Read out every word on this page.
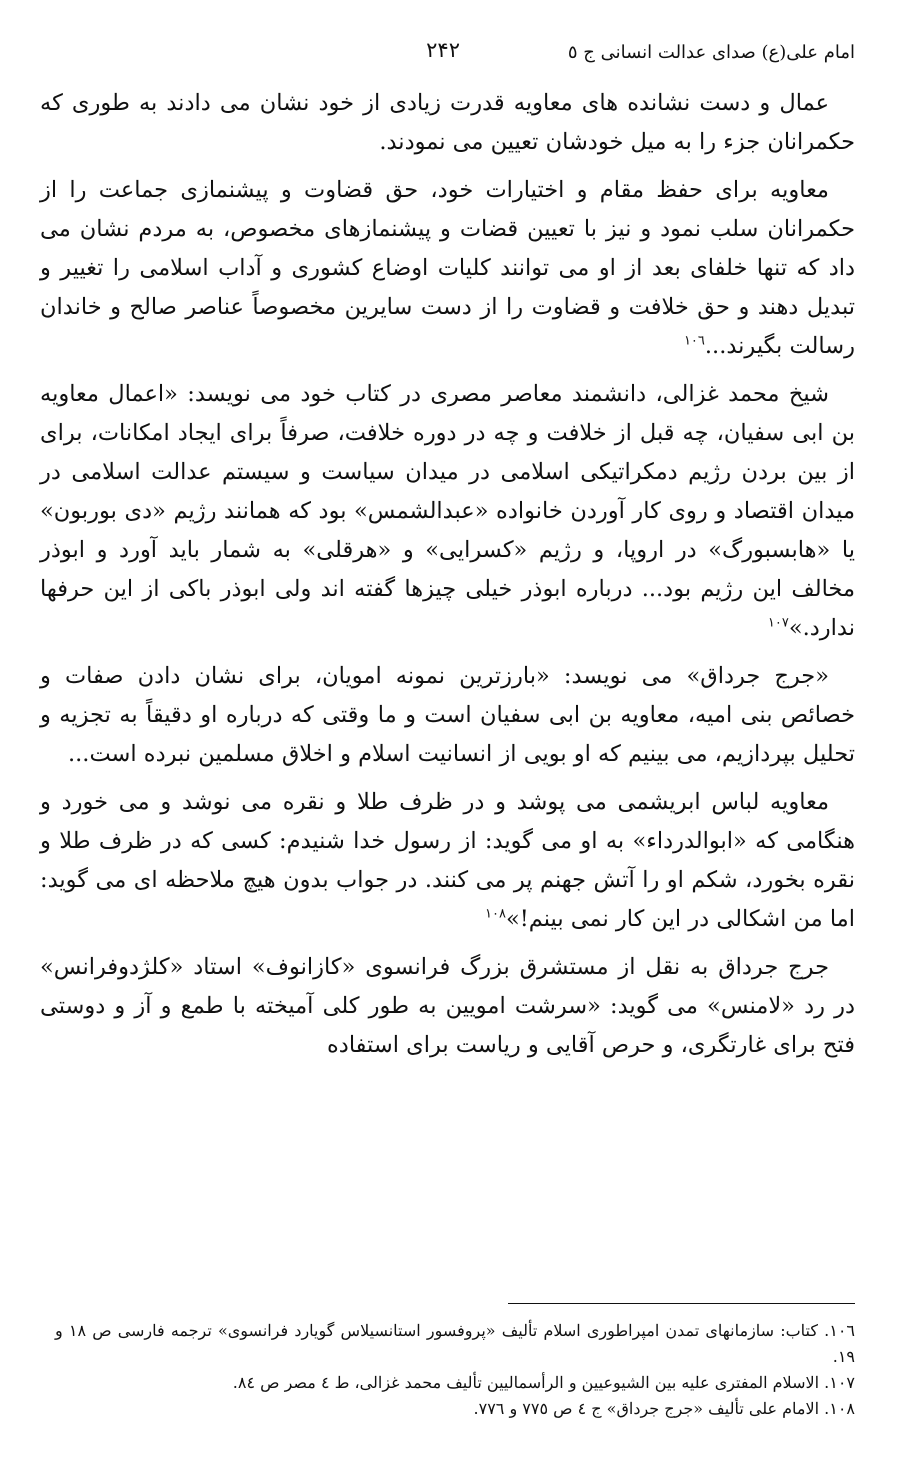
امام علی(ع) صدای عدالت انسانی ج ٥
۲۴۲

عمال و دست نشانده های معاویه قدرت زیادی از خود نشان می دادند به طوری که حکمرانان جزء را به میل خودشان تعیین می نمودند.

معاویه برای حفظ مقام و اختیارات خود، حق قضاوت و پیشنمازی جماعت را از حکمرانان سلب نمود و نیز با تعیین قضات و پیشنمازهای مخصوص، به مردم نشان می داد که تنها خلفای بعد از او می توانند کلیات اوضاع کشوری و آداب اسلامی را تغییر و تبدیل دهند و حق خلافت و قضاوت را از دست سایرین مخصوصاً عناصر صالح و خاندان رسالت بگیرند...$^{۱۰٦}$

شیخ محمد غزالی، دانشمند معاصر مصری در کتاب خود می نویسد: «اعمال معاویه بن ابی سفیان، چه قبل از خلافت و چه در دوره خلافت، صرفاً برای ایجاد امکانات، برای از بین بردن رژیم دمکراتیکی اسلامی در میدان سیاست و سیستم عدالت اسلامی در میدان اقتصاد و روی کار آوردن خانواده «عبدالشمس» بود که همانند رژیم «دی بوربون» یا «هابسبورگ» در اروپا، و رژیم «کسرایی» و «هرقلی» به شمار باید آورد و ابوذر مخالف این رژیم بود... درباره ابوذر خیلی چیزها گفته اند ولی ابوذر باکی از این حرفها ندارد.»$^{۱۰۷}$

«جرج جرداق» می نویسد: «بارزترین نمونه امویان، برای نشان دادن صفات و خصائص بنی امیه، معاویه بن ابی سفیان است و ما وقتی که درباره او دقیقاً به تجزیه و تحلیل بپردازیم، می بینیم که او بویی از انسانیت اسلام و اخلاق مسلمین نبرده است...

معاویه لباس ابریشمی می پوشد و در ظرف طلا و نقره می نوشد و می خورد و هنگامی که «ابوالدرداء» به او می گوید: از رسول خدا شنیدم: کسی که در ظرف طلا و نقره بخورد، شکم او را آتش جهنم پر می کنند. در جواب بدون هیچ ملاحظه ای می گوید: اما من اشکالی در این کار نمی بینم!»$^{۱۰۸}$

جرج جرداق به نقل از مستشرق بزرگ فرانسوی «کازانوف» استاد «کلژدوفرانس» در رد «لامنس» می گوید: «سرشت امویین به طور کلی آمیخته با طمع و آز و دوستی فتح برای غارتگری، و حرص آقایی و ریاست برای استفاده

۱۰٦. کتاب: سازمانهای تمدن امپراطوری اسلام تألیف «پروفسور استانسیلاس گویارد فرانسوی» ترجمه فارسی ص ۱۸ و ۱۹.

۱۰۷. الاسلام المفتری علیه بین الشیوعیین و الرأسمالیین تألیف محمد غزالی، ط ٤ مصر ص ٨٤.

۱۰۸. الامام علی تألیف «جرج جرداق» ج ٤ ص ۷۷٥ و ۷۷٦.
